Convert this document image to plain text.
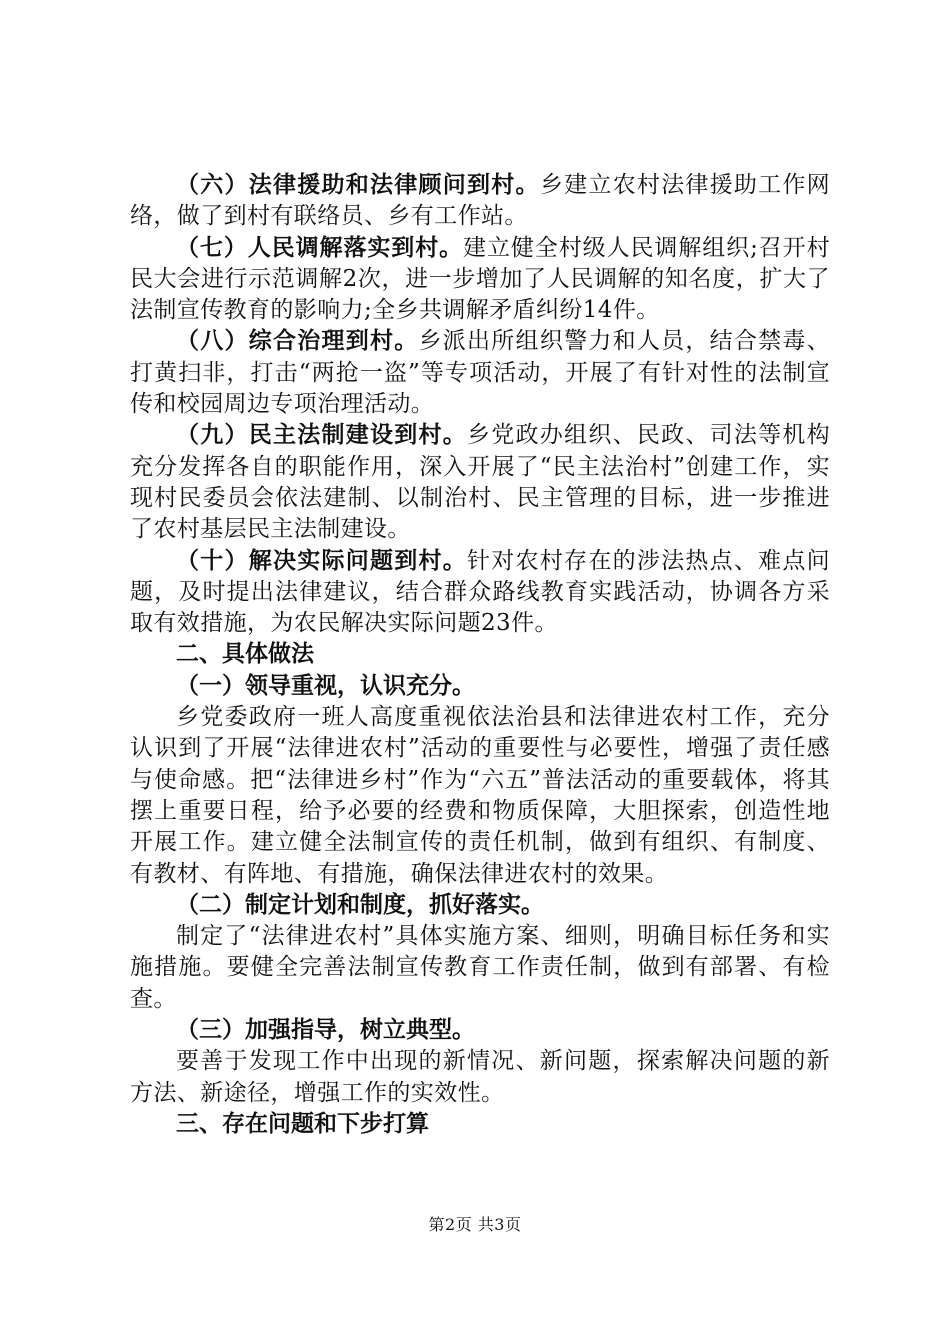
（六）法律援助和法律顾问到村。乡建立农村法律援助工作网络，做了到村有联络员、乡有工作站。

（七）人民调解落实到村。建立健全村级人民调解组织;召开村民大会进行示范调解2次，进一步增加了人民调解的知名度，扩大了法制宣传教育的影响力;全乡共调解矛盾纠纷14件。

（八）综合治理到村。乡派出所组织警力和人员，结合禁毒、打黄扫非，打击“两抢一盗”等专项活动，开展了有针对性的法制宣传和校园周边专项治理活动。

（九）民主法制建设到村。乡党政办组织、民政、司法等机构充分发挥各自的职能作用，深入开展了“民主法治村”创建工作，实现村民委员会依法建制、以制治村、民主管理的目标，进一步推进了农村基层民主法制建设。

（十）解决实际问题到村。针对农村存在的涉法热点、难点问题，及时提出法律建议，结合群众路线教育实践活动，协调各方采取有效措施，为农民解决实际问题23件。

二、具体做法

（一）领导重视，认识充分。

乡党委政府一班人高度重视依法治县和法律进农村工作，充分认识到了开展“法律进农村”活动的重要性与必要性，增强了责任感与使命感。把“法律进乡村”作为“六五”普法活动的重要载体，将其摆上重要日程，给予必要的经费和物质保障，大胆探索，创造性地开展工作。建立健全法制宣传的责任机制，做到有组织、有制度、有教材、有阵地、有措施，确保法律进农村的效果。

（二）制定计划和制度，抓好落实。

制定了“法律进农村”具体实施方案、细则，明确目标任务和实施措施。要健全完善法制宣传教育工作责任制，做到有部署、有检查。

（三）加强指导，树立典型。

要善于发现工作中出现的新情况、新问题，探索解决问题的新方法、新途径，增强工作的实效性。

三、存在问题和下步打算

第2页 共3页
